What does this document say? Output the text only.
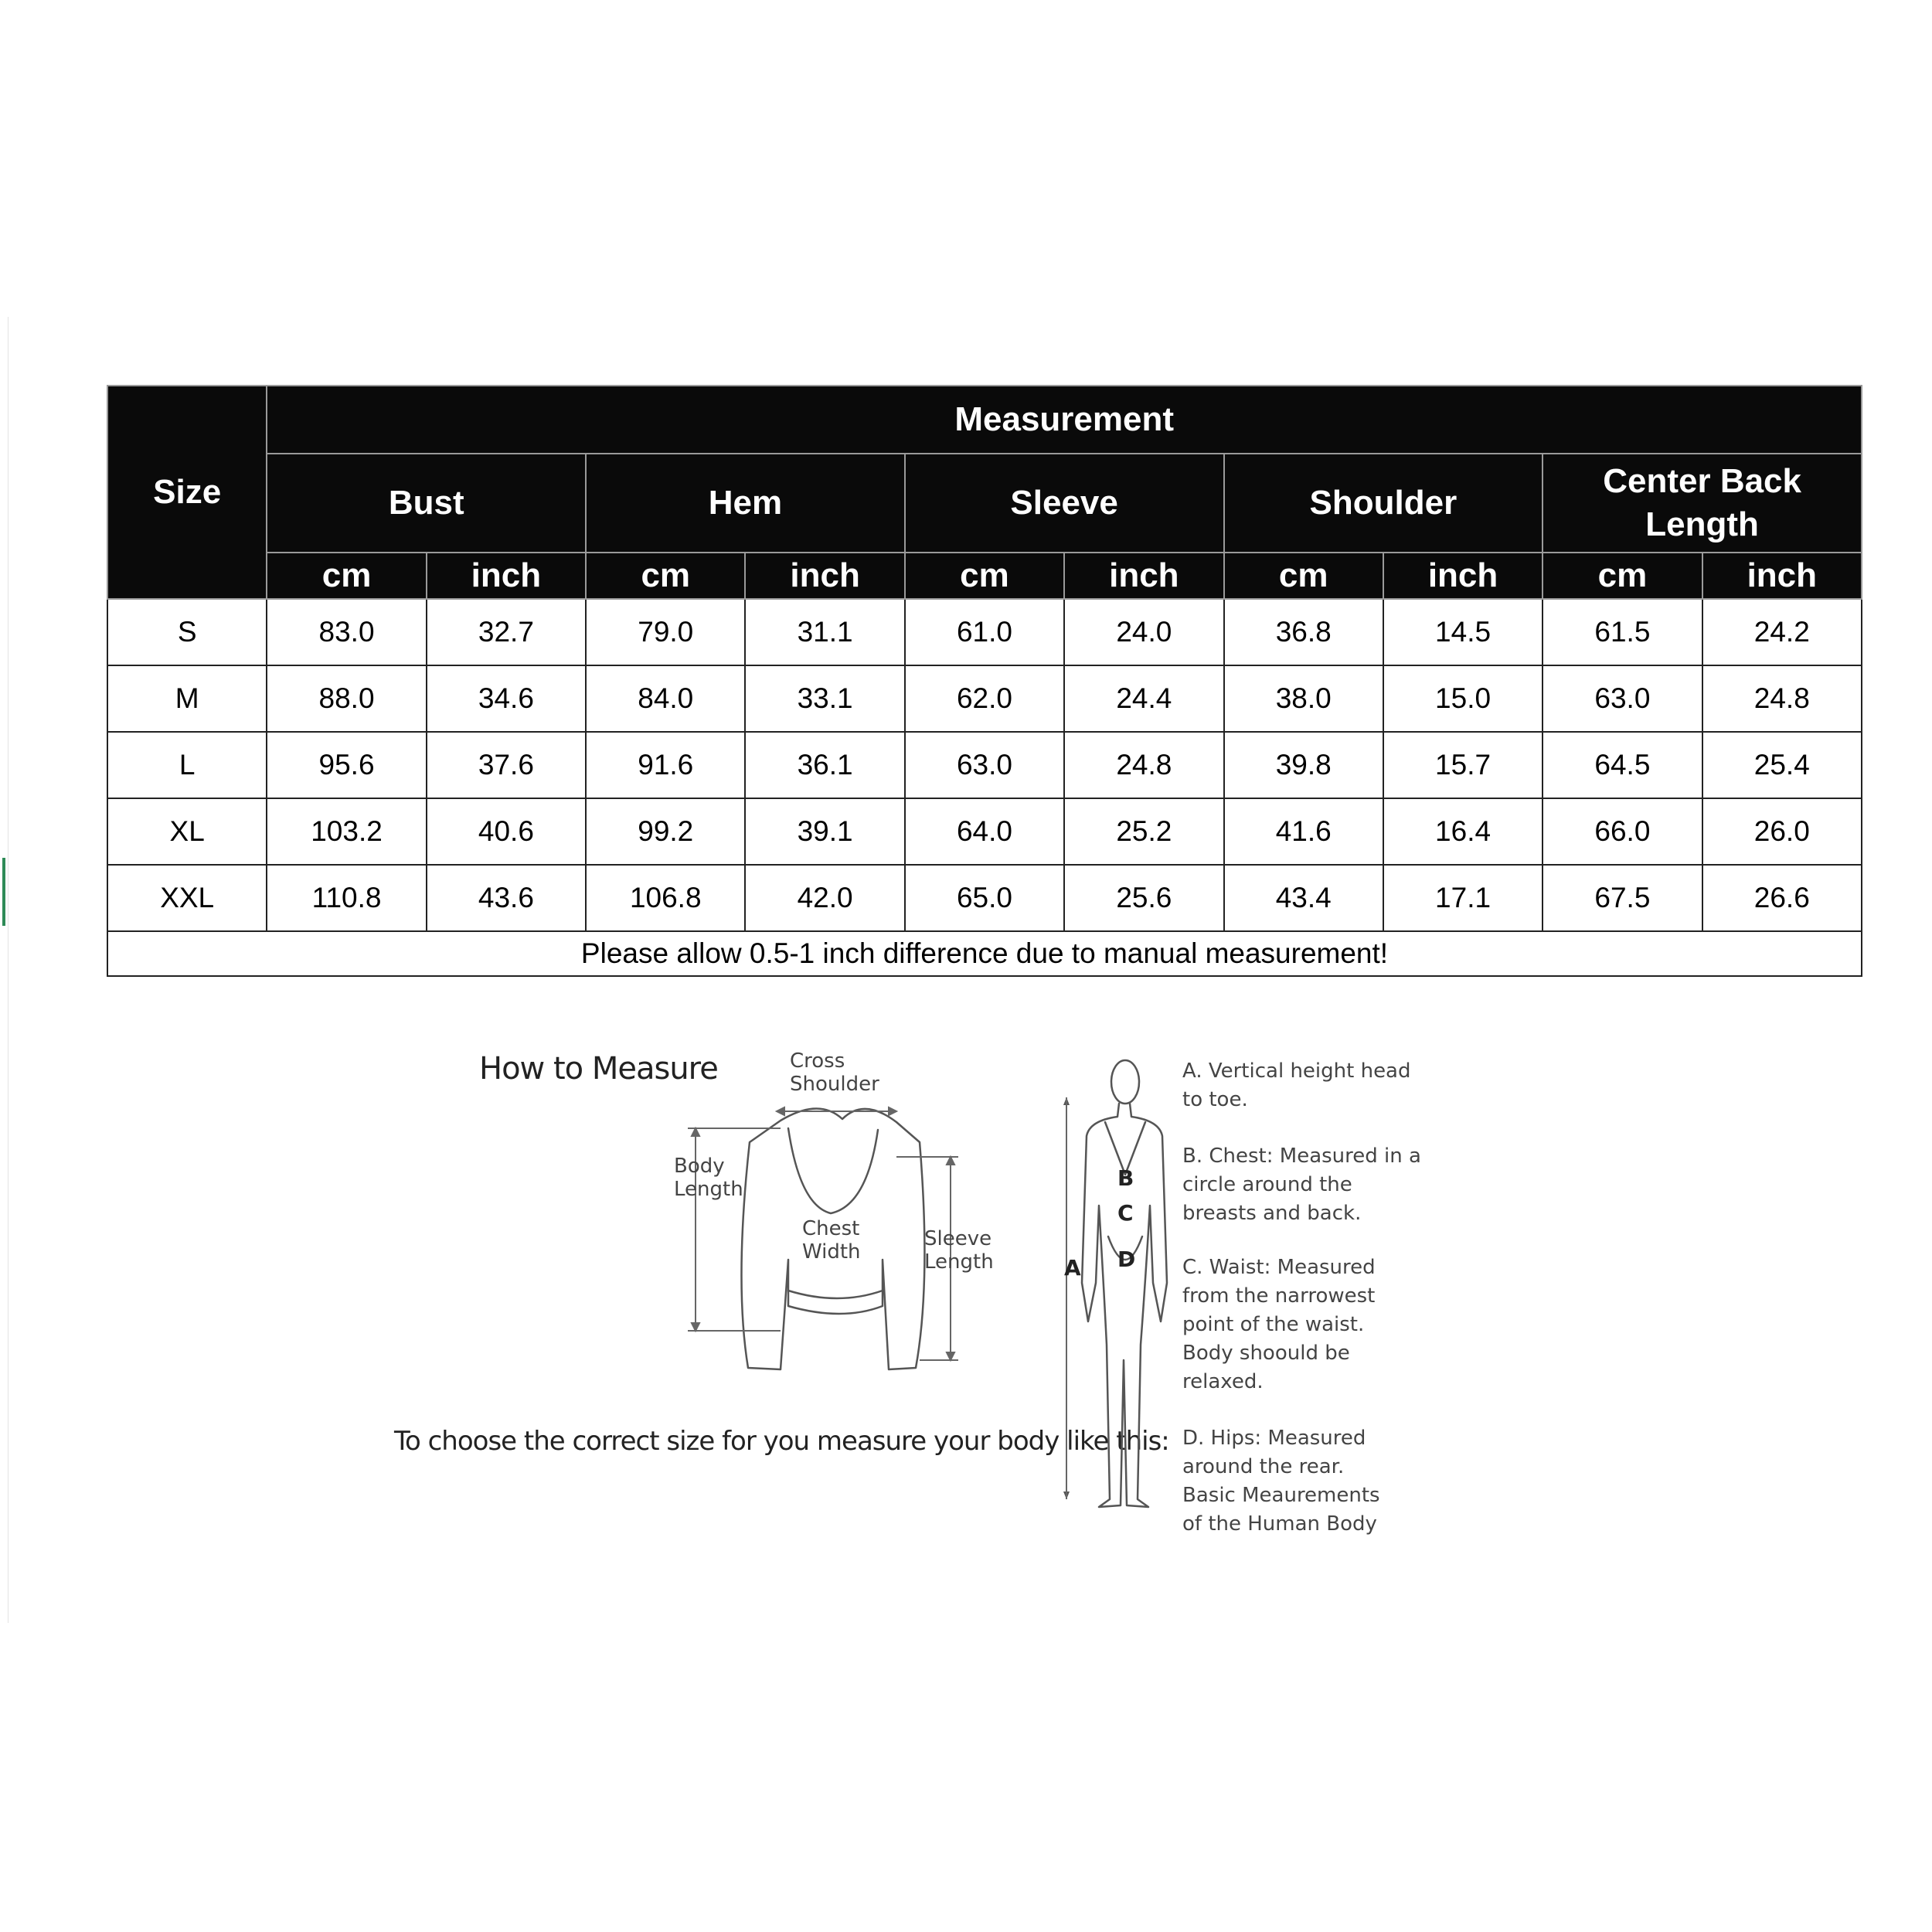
Size	Measurement									
	Bust		Hem		Sleeve		Shoulder		Center Back Length	
	cm	inch	cm	inch	cm	inch	cm	inch	cm	inch
S	83.0	32.7	79.0	31.1	61.0	24.0	36.8	14.5	61.5	24.2
M	88.0	34.6	84.0	33.1	62.0	24.4	38.0	15.0	63.0	24.8
L	95.6	37.6	91.6	36.1	63.0	24.8	39.8	15.7	64.5	25.4
XL	103.2	40.6	99.2	39.1	64.0	25.2	41.6	16.4	66.0	26.0
XXL	110.8	43.6	106.8	42.0	65.0	25.6	43.4	17.1	67.5	26.6
Please allow 0.5-1 inch difference due to manual measurement!										
How to Measure
To choose the correct size for you measure your body like this:
Cross
Shoulder
Body
Length
Chest
Width
Sleeve
Length	A
B
C
D
A. Vertical height head
to toe.
B. Chest: Measured in a
circle around the
breasts and back.
C. Waist: Measured
from the narrowest
point of the waist.
Body shoould be
relaxed.
D. Hips: Measured
around the rear.
Basic Meaurements
of the Human Body
